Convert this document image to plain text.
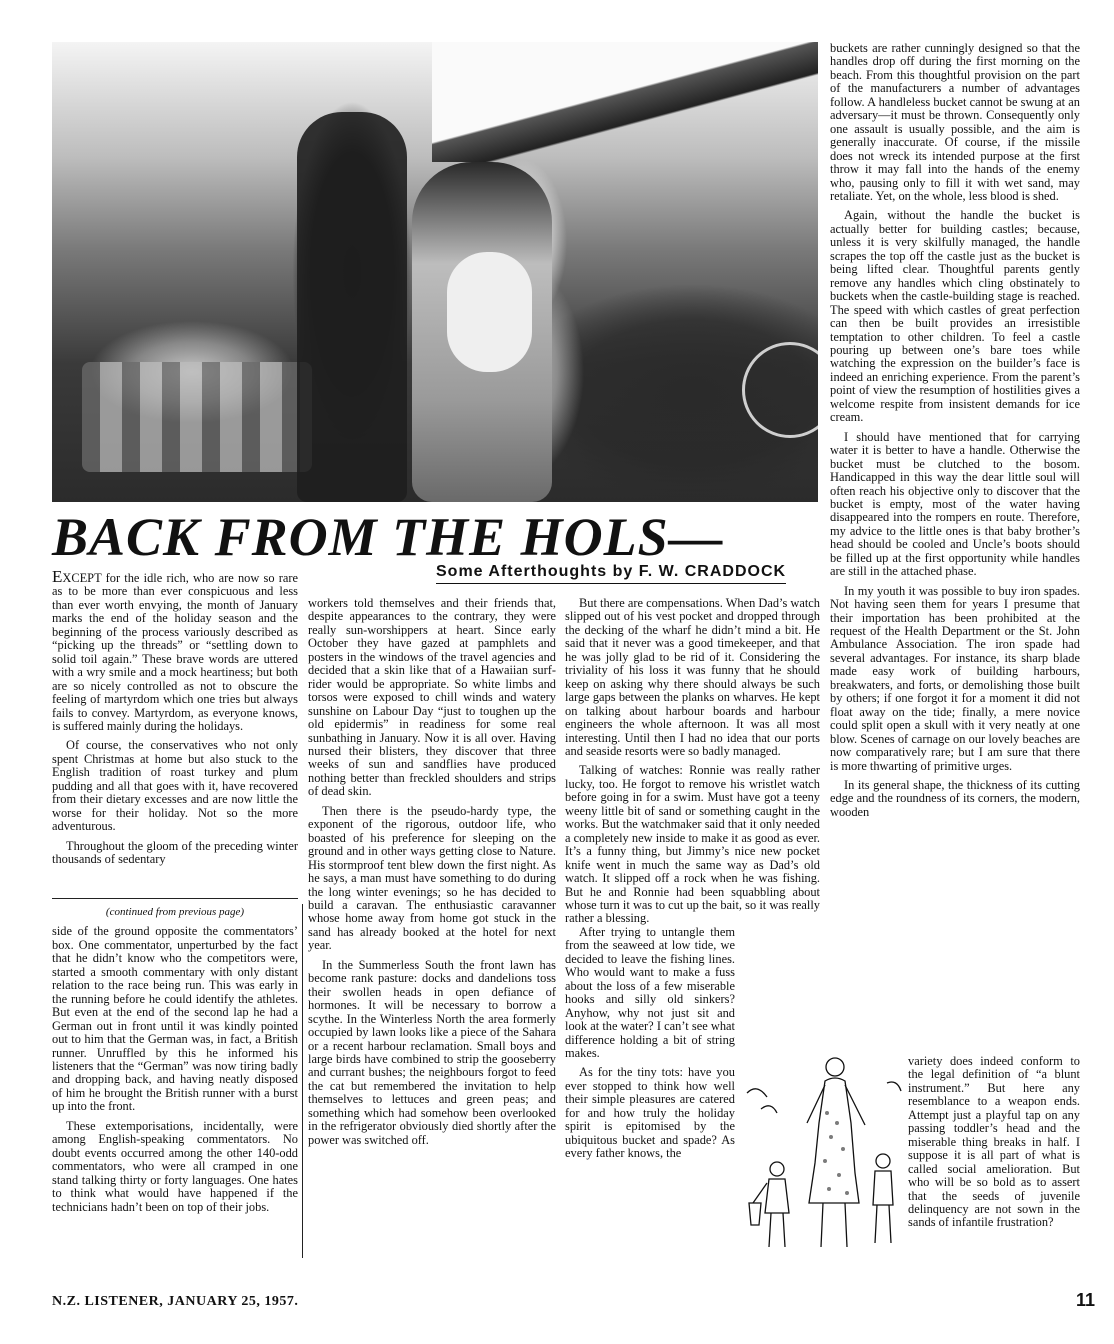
BACK FROM THE HOLS—
Some Afterthoughts by F. W. CRADDOCK

EXCEPT for the idle rich, who are now so rare as to be more than ever conspicuous and less than ever worth envying, the month of January marks the end of the holiday season and the beginning of the process variously described as “picking up the threads” or “settling down to solid toil again.” These brave words are uttered with a wry smile and a mock heartiness; but both are so nicely controlled as not to obscure the feeling of martyrdom which one tries but always fails to convey. Martyrdom, as everyone knows, is suffered mainly during the holidays.

Of course, the conservatives who not only spent Christmas at home but also stuck to the English tradition of roast turkey and plum pudding and all that goes with it, have recovered from their dietary excesses and are now little the worse for their holiday. Not so the more adventurous.

Throughout the gloom of the preceding winter thousands of sedentary

(continued from previous page)

side of the ground opposite the commentators’ box. One commentator, unperturbed by the fact that he didn’t know who the competitors were, started a smooth commentary with only distant relation to the race being run. This was early in the running before he could identify the athletes. But even at the end of the second lap he had a German out in front until it was kindly pointed out to him that the German was, in fact, a British runner. Unruffled by this he informed his listeners that the “German” was now tiring badly and dropping back, and having neatly disposed of him he brought the British runner with a burst up into the front.

These extemporisations, incidentally, were among English-speaking commentators. No doubt events occurred among the other 140-odd commentators, who were all cramped in one stand talking thirty or forty languages. One hates to think what would have happened if the technicians hadn’t been on top of their jobs.

workers told themselves and their friends that, despite appearances to the contrary, they were really sun-worshippers at heart. Since early October they have gazed at pamphlets and posters in the windows of the travel agencies and decided that a skin like that of a Hawaiian surf-rider would be appropriate. So white limbs and torsos were exposed to chill winds and watery sunshine on Labour Day “just to toughen up the old epidermis” in readiness for some real sunbathing in January. Now it is all over. Having nursed their blisters, they discover that three weeks of sun and sandflies have produced nothing better than freckled shoulders and strips of dead skin.

Then there is the pseudo-hardy type, the exponent of the rigorous, outdoor life, who boasted of his preference for sleeping on the ground and in other ways getting close to Nature. His stormproof tent blew down the first night. As he says, a man must have something to do during the long winter evenings; so he has decided to build a caravan. The enthusiastic caravanner whose home away from home got stuck in the sand has already booked at the hotel for next year.

In the Summerless South the front lawn has become rank pasture: docks and dandelions toss their swollen heads in open defiance of hormones. It will be necessary to borrow a scythe. In the Winterless North the area formerly occupied by lawn looks like a piece of the Sahara or a recent harbour reclamation. Small boys and large birds have combined to strip the gooseberry and currant bushes; the neighbours forgot to feed the cat but remembered the invitation to help themselves to lettuces and green peas; and something which had somehow been overlooked in the refrigerator obviously died shortly after the power was switched off.

But there are compensations. When Dad’s watch slipped out of his vest pocket and dropped through the decking of the wharf he didn’t mind a bit. He said that it never was a good timekeeper, and that he was jolly glad to be rid of it. Considering the triviality of his loss it was funny that he should keep on asking why there should always be such large gaps between the planks on wharves. He kept on talking about harbour boards and harbour engineers the whole afternoon. It was all most interesting. Until then I had no idea that our ports and seaside resorts were so badly managed.

Talking of watches: Ronnie was really rather lucky, too. He forgot to remove his wristlet watch before going in for a swim. Must have got a teeny weeny little bit of sand or something caught in the works. But the watchmaker said that it only needed a completely new inside to make it as good as ever. It’s a funny thing, but Jimmy’s nice new pocket knife went in much the same way as Dad’s old watch. It slipped off a rock when he was fishing. But he and Ronnie had been squabbling about whose turn it was to cut up the bait, so it was really rather a blessing.

After trying to untangle them from the seaweed at low tide, we decided to leave the fishing lines. Who would want to make a fuss about the loss of a few miserable hooks and silly old sinkers? Anyhow, why not just sit and look at the water? I can’t see what difference holding a bit of string makes.

As for the tiny tots: have you ever stopped to think how well their simple pleasures are catered for and how truly the holiday spirit is epitomised by the ubiquitous bucket and spade? As every father knows, the

buckets are rather cunningly designed so that the handles drop off during the first morning on the beach. From this thoughtful provision on the part of the manufacturers a number of advantages follow. A handleless bucket cannot be swung at an adversary—it must be thrown. Consequently only one assault is usually possible, and the aim is generally inaccurate. Of course, if the missile does not wreck its intended purpose at the first throw it may fall into the hands of the enemy who, pausing only to fill it with wet sand, may retaliate. Yet, on the whole, less blood is shed.

Again, without the handle the bucket is actually better for building castles; because, unless it is very skilfully managed, the handle scrapes the top off the castle just as the bucket is being lifted clear. Thoughtful parents gently remove any handles which cling obstinately to buckets when the castle-building stage is reached. The speed with which castles of great perfection can then be built provides an irresistible temptation to other children. To feel a castle pouring up between one’s bare toes while watching the expression on the builder’s face is indeed an enriching experience. From the parent’s point of view the resumption of hostilities gives a welcome respite from insistent demands for ice cream.

I should have mentioned that for carrying water it is better to have a handle. Otherwise the bucket must be clutched to the bosom. Handicapped in this way the dear little soul will often reach his objective only to discover that the bucket is empty, most of the water having disappeared into the rompers en route. Therefore, my advice to the little ones is that baby brother’s head should be cooled and Uncle’s boots should be filled up at the first opportunity while handles are still in the attached phase.

In my youth it was possible to buy iron spades. Not having seen them for years I presume that their importation has been prohibited at the request of the Health Department or the St. John Ambulance Association. The iron spade had several advantages. For instance, its sharp blade made easy work of building harbours, breakwaters, and forts, or demolishing those built by others; if one forgot it for a moment it did not float away on the tide; finally, a mere novice could split open a skull with it very neatly at one blow. Scenes of carnage on our lovely beaches are now comparatively rare; but I am sure that there is more thwarting of primitive urges.

In its general shape, the thickness of its cutting edge and the roundness of its corners, the modern, wooden

variety does indeed conform to the legal definition of “a blunt instrument.” But here any resemblance to a weapon ends. Attempt just a playful tap on any passing toddler’s head and the miserable thing breaks in half. I suppose it is all part of what is called social amelioration. But who will be so bold as to assert that the seeds of juvenile delinquency are not sown in the sands of infantile frustration?

N.Z. LISTENER, JANUARY 25, 1957.	11
